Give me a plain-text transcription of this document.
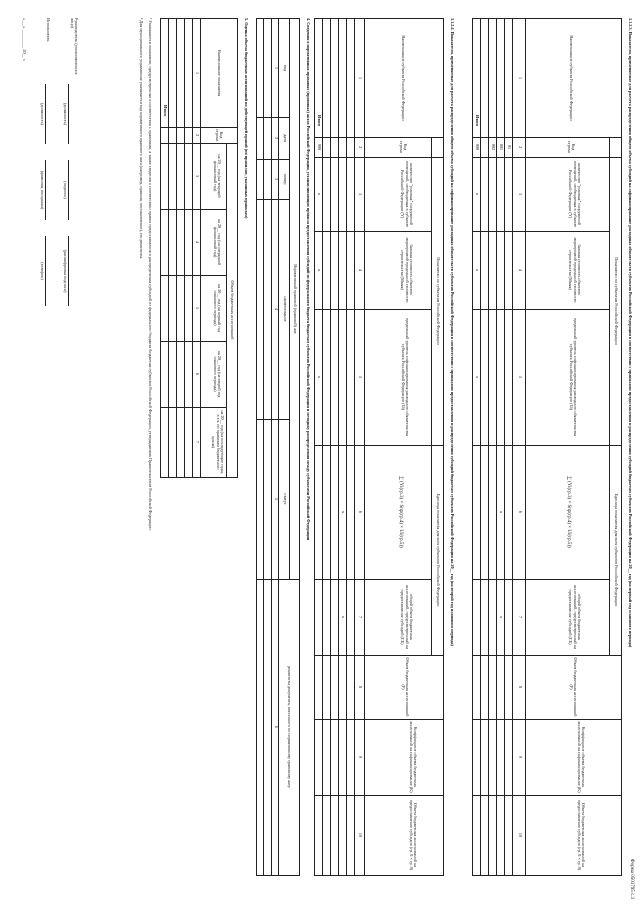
Форма 0503795 с.3
3.1.2.3. Показатели, применяемые для расчета распределения общего объема субсидий на софинансирование расходных обязательств субъектов Российской Федерации в соответствии с правилами предоставления и распределения субсидий бюджетам субъектов Российской Федерации на 20__ год (на первый год планового периода)
Наименование субъекта Российской Федерации
Код строки
Показатели по субъектам Российской Федерации
количество "узловых" сооружений помещений, необходимых в субъекте Российской Федерации (Y)
базовая стоимость объектов/мероприятий предельной стоимости строительства (Мвыя)
предельный уровень софинансирования расходного обязательства субъекта Российской Федерации (Ui)
Единица показателя для всех субъектов Российской Федерации
∑ (Yi(гр.3) × Sпр(гр.4) × Ui(гр.5))
общий объем бюджетных ассигнований, предусмотренный на предоставление субсидий (СБ)
Объем бюджетных ассигнований (F)
Коэффициент объема бюджетных ассигнований на софинансирование (K)
Объем бюджетных ассигнований на предоставление субсидии (гр. 8 × гр. 9)
1
2
3
4
5
6
7
8
9
10
01
001
002
x
x
Итого
900
x
x
x
3.1.2.4. Показатели, применяемые для расчета распределения общего объема субсидий на софинансирование расходных обязательств субъектов Российской Федерации в соответствии с правилами предоставления и распределения субсидий бюджетам субъектов Российской Федерации на 20__ год (на второй год планового периода)
Наименование субъекта Российской Федерации
Код строки
Показатели по субъектам Российской Федерации
количество "узловых" сооружений помещений, необходимых в субъекте Российской Федерации (Y)
базовая стоимость объектов/мероприятий предельной стоимости строительства (Мвыя)
предельный уровень софинансирования расходного обязательства субъекта Российской Федерации (Ui)
Единица показателя для всех субъектов Российской Федерации
∑ (Yi(гр.3) × Sпр(гр.4) × Ui(гр.5))
общий объем бюджетных ассигнований, предусмотренный на предоставление субсидий (СБ)
Объем бюджетных ассигнований (F)
Коэффициент объема бюджетных ассигнований на софинансирование (K)
Объем бюджетных ассигнований на предоставление субсидии (гр. 8 × гр. 9)
1
2
3
4
5
6
7
8
9
10
x
x
Итого
900
x
x
x
4. Сведения о нормативных правовых (правовых) актах Российской Федерации, устанавливающих правила предоставления субсидий из федерального бюджета бюджетам субъектов Российской Федерации и методику распределения между субъектами Российской Федерации
Нормативный правовой (правовой) акт
вид
дата
номер
наименование
статус
реквизиты документа, внесенного по нормативному правовому акту
1
2
3
4
5
6
5. Оценка объема бюджетных ассигнований по действующей правой (по правилам, указанных правилам)
Наименование показателя
Код строки
Объем бюджетных ассигнований
на 20__ год (на текущий финансовый год)
на 20__ год (на очередной финансовый год)
на 20__ год (на первый год планового периода)
на 20__ год (на второй год планового периода)
на 20__ год (на последующие годы, в т.ч. по правилам бюджетного цикла)
1
2
3
4
5
6
7
Итого
¹ Указываются показатели, предусмотренные в соответствии с правилами, а также сведения о соответствии правил предоставления и распределения субсидий из федерального бюджета бюджетам субъектов Российской Федерации, утверждаемых Правительством Российской Федерации.
² Для муниципального управления: указывается вид нормативного правового акта (например, правила, постановление), его реквизиты.
Руководитель (уполномоченное лицо)
(должность)
(подпись)
(расшифровка подписи)
Исполнитель
(должность)
(фамилия, инициалы)
(телефон)
«___» _________ 20__ г.
